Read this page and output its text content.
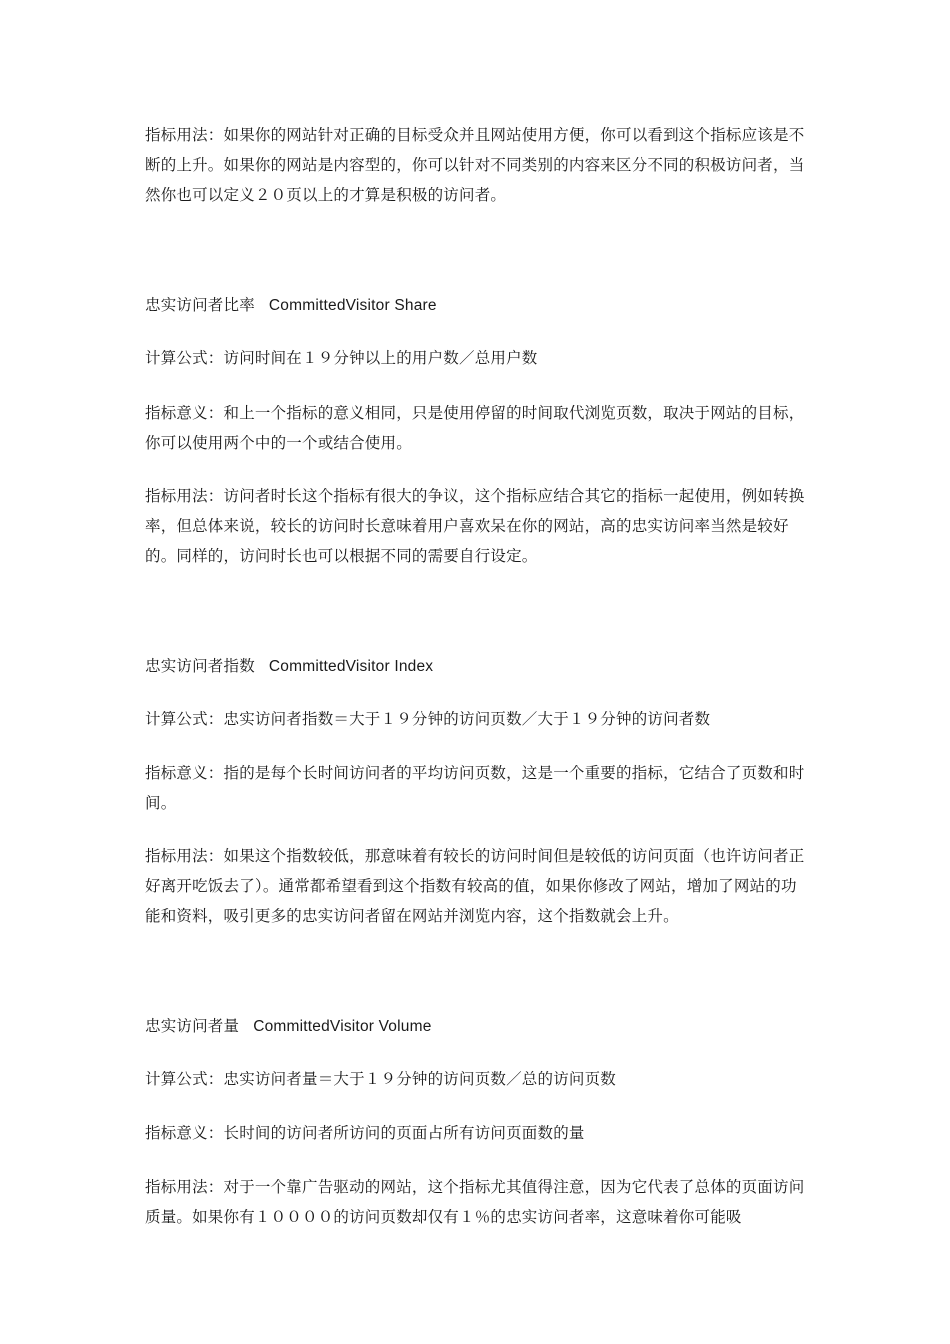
指标用法：如果你的网站针对正确的目标受众并且网站使用方便，你可以看到这个指标应该是不断的上升。如果你的网站是内容型的，你可以针对不同类别的内容来区分不同的积极访问者，当然你也可以定义２０页以上的才算是积极的访问者。

忠实访问者比率 CommittedVisitor Share

计算公式：访问时间在１９分钟以上的用户数／总用户数

指标意义：和上一个指标的意义相同，只是使用停留的时间取代浏览页数，取决于网站的目标，你可以使用两个中的一个或结合使用。

指标用法：访问者时长这个指标有很大的争议，这个指标应结合其它的指标一起使用，例如转换率，但总体来说，较长的访问时长意味着用户喜欢呆在你的网站，高的忠实访问率当然是较好的。同样的，访问时长也可以根据不同的需要自行设定。

忠实访问者指数 CommittedVisitor Index

计算公式：忠实访问者指数＝大于１９分钟的访问页数／大于１９分钟的访问者数

指标意义：指的是每个长时间访问者的平均访问页数，这是一个重要的指标，它结合了页数和时间。

指标用法：如果这个指数较低，那意味着有较长的访问时间但是较低的访问页面（也许访问者正好离开吃饭去了）。通常都希望看到这个指数有较高的值，如果你修改了网站，增加了网站的功能和资料，吸引更多的忠实访问者留在网站并浏览内容，这个指数就会上升。

忠实访问者量 CommittedVisitor Volume

计算公式：忠实访问者量＝大于１９分钟的访问页数／总的访问页数

指标意义：长时间的访问者所访问的页面占所有访问页面数的量

指标用法：对于一个靠广告驱动的网站，这个指标尤其值得注意，因为它代表了总体的页面访问质量。如果你有１００００的访问页数却仅有１％的忠实访问者率，这意味着你可能吸
